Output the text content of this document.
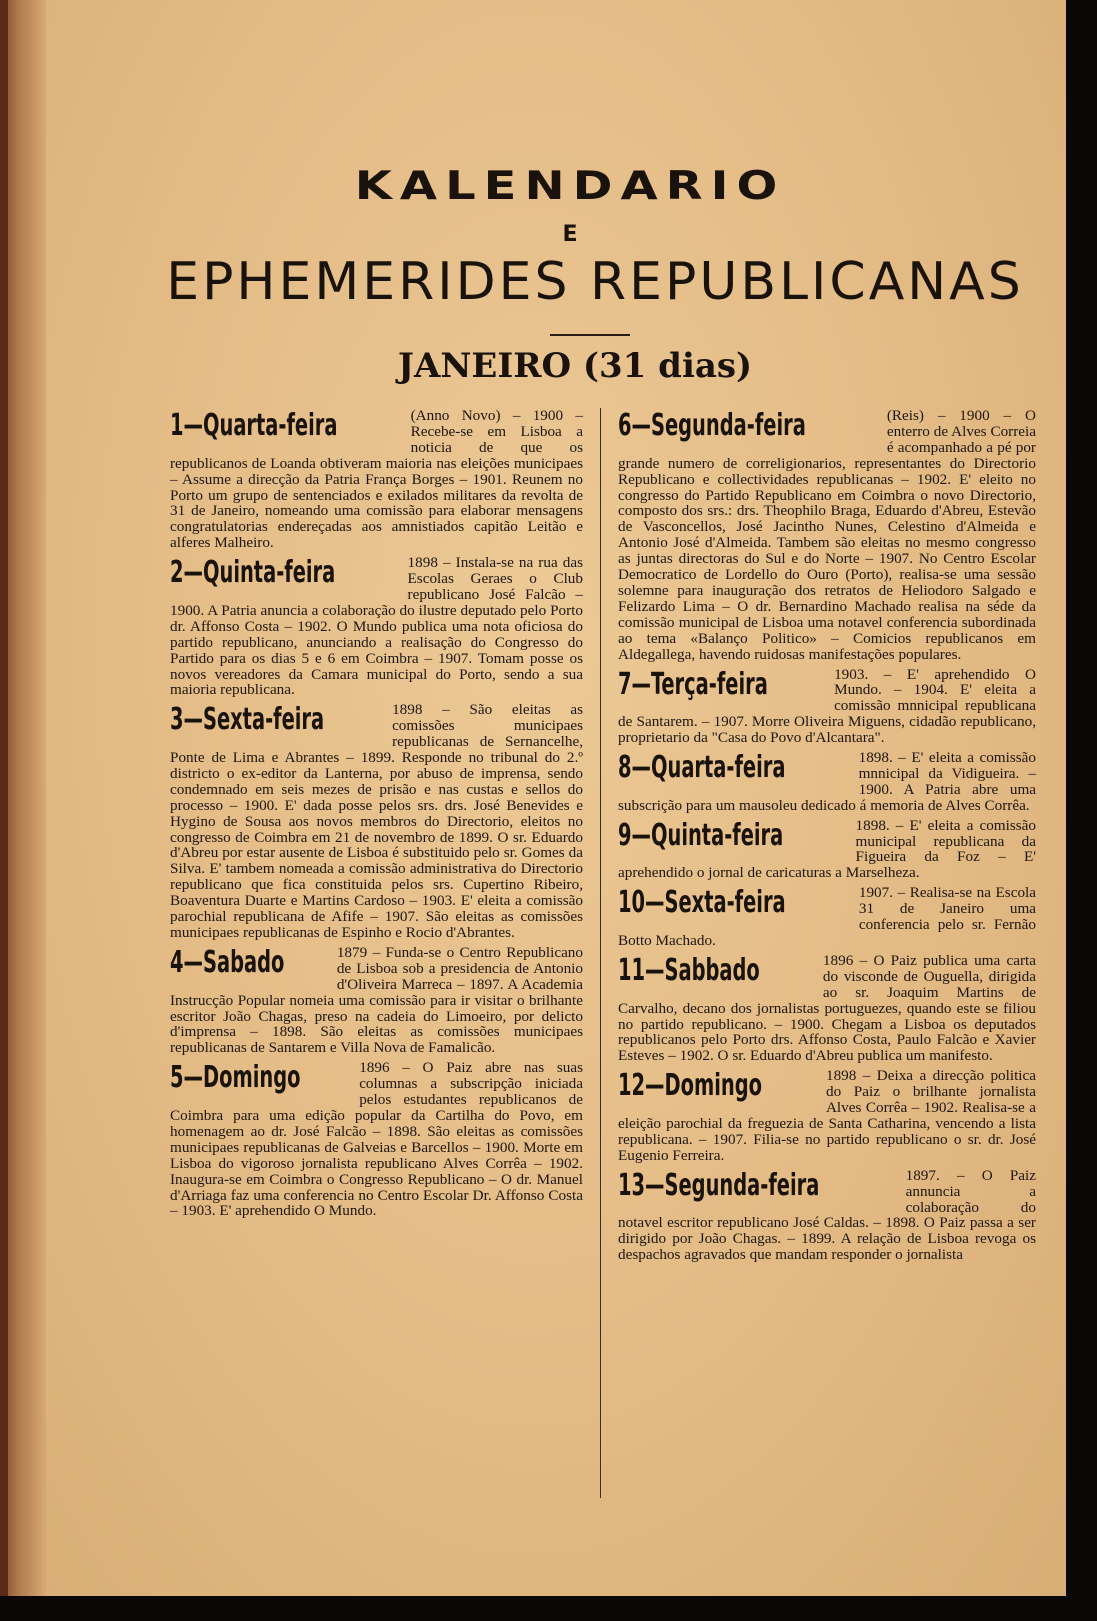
KALENDARIO
E
EPHEMERIDES REPUBLICANAS
JANEIRO (31 dias)
1—Quarta-feira	(Anno Novo) – 1900 – Recebe-se em Lisboa a noticia de que os republicanos de Loanda obtiveram maioria nas eleições municipaes – Assume a direcção da Patria França Borges – 1901. Reunem no Porto um grupo de sentenciados e exilados militares da revolta de 31 de Janeiro, nomeando uma comissão para elaborar mensagens congratulatorias endereçadas aos amnistiados capitão Leitão e alferes Malheiro.
2—Quinta-feira	1898 – Instala-se na rua das Escolas Geraes o Club republicano José Falcão – 1900. A Patria anuncia a colaboração do ilustre deputado pelo Porto dr. Affonso Costa – 1902. O Mundo publica uma nota oficiosa do partido republicano, anunciando a realisação do Congresso do Partido para os dias 5 e 6 em Coimbra – 1907. Tomam posse os novos vereadores da Camara municipal do Porto, sendo a sua maioria republicana.
3—Sexta-feira	1898 – São eleitas as comissões municipaes republicanas de Sernancelhe, Ponte de Lima e Abrantes – 1899. Responde no tribunal do 2.º districto o ex-editor da Lanterna, por abuso de imprensa, sendo condemnado em seis mezes de prisão e nas custas e sellos do processo – 1900. E' dada posse pelos srs. drs. José Benevides e Hygino de Sousa aos novos membros do Directorio, eleitos no congresso de Coimbra em 21 de novembro de 1899. O sr. Eduardo d'Abreu por estar ausente de Lisboa é substituido pelo sr. Gomes da Silva. E' tambem nomeada a comissão administrativa do Directorio republicano que fica constituida pelos srs. Cupertino Ribeiro, Boaventura Duarte e Martins Cardoso – 1903. E' eleita a comissão parochial republicana de Afife – 1907. São eleitas as comissões municipaes republicanas de Espinho e Rocio d'Abrantes.
4—Sabado	1879 – Funda-se o Centro Republicano de Lisboa sob a presidencia de Antonio d'Oliveira Marreca – 1897. A Academia Instrucção Popular nomeia uma comissão para ir visitar o brilhante escritor João Chagas, preso na cadeia do Limoeiro, por delicto d'imprensa – 1898. São eleitas as comissões municipaes republicanas de Santarem e Villa Nova de Famalicão.
5—Domingo	1896 – O Paiz abre nas suas columnas a subscripção iniciada pelos estudantes republicanos de Coimbra para uma edição popular da Cartilha do Povo, em homenagem ao dr. José Falcão – 1898. São eleitas as comissões municipaes republicanas de Galveias e Barcellos – 1900. Morte em Lisboa do vigoroso jornalista republicano Alves Corrêa – 1902. Inaugura-se em Coimbra o Congresso Republicano – O dr. Manuel d'Arriaga faz uma conferencia no Centro Escolar Dr. Affonso Costa – 1903. E' aprehendido O Mundo.
6—Segunda-feira	(Reis) – 1900 – O enterro de Alves Correia é acompanhado a pé por grande numero de correligionarios, representantes do Directorio Republicano e collectividades republicanas – 1902. E' eleito no congresso do Partido Republicano em Coimbra o novo Directorio, composto dos srs.: drs. Theophilo Braga, Eduardo d'Abreu, Estevão de Vasconcellos, José Jacintho Nunes, Celestino d'Almeida e Antonio José d'Almeida. Tambem são eleitas no mesmo congresso as juntas directoras do Sul e do Norte – 1907. No Centro Escolar Democratico de Lordello do Ouro (Porto), realisa-se uma sessão solemne para inauguração dos retratos de Heliodoro Salgado e Felizardo Lima – O dr. Bernardino Machado realisa na séde da comissão municipal de Lisboa uma notavel conferencia subordinada ao tema «Balanço Politico» – Comicios republicanos em Aldegallega, havendo ruidosas manifestações populares.
7—Terça-feira	1903. – E' aprehendido O Mundo. – 1904. E' eleita a comissão mnnicipal republicana de Santarem. – 1907. Morre Oliveira Miguens, cidadão republicano, proprietario da "Casa do Povo d'Alcantara".
8—Quarta-feira	1898. – E' eleita a comissão mnnicipal da Vidigueira. – 1900. A Patria abre uma subscrição para um mausoleu dedicado á memoria de Alves Corrêa.
9—Quinta-feira	1898. – E' eleita a comissão municipal republicana da Figueira da Foz – E' aprehendido o jornal de caricaturas a Marselheza.
10—Sexta-feira	1907. – Realisa-se na Escola 31 de Janeiro uma conferencia pelo sr. Fernão Botto Machado.
11—Sabbado	1896 – O Paiz publica uma carta do visconde de Ouguella, dirigida ao sr. Joaquim Martins de Carvalho, decano dos jornalistas portuguezes, quando este se filiou no partido republicano. – 1900. Chegam a Lisboa os deputados republicanos pelo Porto drs. Affonso Costa, Paulo Falcão e Xavier Esteves – 1902. O sr. Eduardo d'Abreu publica um manifesto.
12—Domingo	1898 – Deixa a direcção politica do Paiz o brilhante jornalista Alves Corrêa – 1902. Realisa-se a eleição parochial da freguezia de Santa Catharina, vencendo a lista republicana. – 1907. Filia-se no partido republicano o sr. dr. José Eugenio Ferreira.
13—Segunda-feira	1897. – O Paiz annuncia a colaboração do notavel escritor republicano José Caldas. – 1898. O Paiz passa a ser dirigido por João Chagas. – 1899. A relação de Lisboa revoga os despachos agravados que mandam responder o jornalista
